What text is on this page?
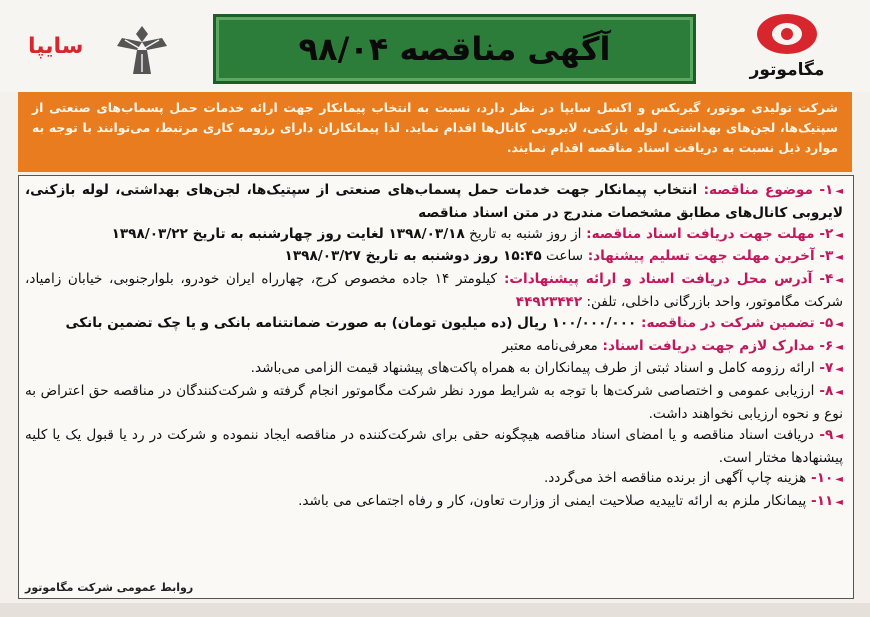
مگاموتور
آگهی مناقصه ۹۸/۰۴
سایپا

شرکت تولیدی موتور، گیربکس و اکسل سایپا در نظر دارد، نسبت به انتخاب پیمانکار جهت ارائه خدمات حمل پسماب‌های صنعتی از سپتیک‌ها، لجن‌های بهداشتی، لوله بازکنی، لایروبی کانال‌ها اقدام نماید. لذا پیمانکاران دارای رزومه کاری مرتبط، می‌توانند با توجه به موارد ذیل نسبت به دریافت اسناد مناقصه اقدام نمایند.

◄۱- موضوع مناقصه: انتخاب پیمانکار جهت خدمات حمل پسماب‌های صنعتی از سپتیک‌ها، لجن‌های بهداشتی، لوله بازکنی، لایروبی کانال‌های مطابق مشخصات مندرج در متن اسناد مناقصه
◄۲- مهلت جهت دریافت اسناد مناقصه: از روز شنبه به تاریخ ۱۳۹۸/۰۳/۱۸ لغایت روز چهارشنبه به تاریخ ۱۳۹۸/۰۳/۲۲
◄۳- آخرین مهلت جهت تسلیم پیشنهاد: ساعت ۱۵:۴۵ روز دوشنبه به تاریخ ۱۳۹۸/۰۳/۲۷
◄۴- آدرس محل دریافت اسناد و ارائه پیشنهادات: کیلومتر ۱۴ جاده مخصوص کرج، چهارراه ایران خودرو، بلوارجنوبی، خیابان زامیاد، شرکت مگاموتور، واحد بازرگانی داخلی، تلفن: ۴۴۹۲۳۴۴۲
◄۵- تضمین شرکت در مناقصه: ۱۰۰/۰۰۰/۰۰۰ ریال (ده میلیون تومان) به صورت ضمانتنامه بانکی و یا چک تضمین بانکی
◄۶- مدارک لازم جهت دریافت اسناد: معرفی‌نامه معتبر
◄۷- ارائه رزومه کامل و اسناد ثبتی از طرف پیمانکاران به همراه پاکت‌های پیشنهاد قیمت الزامی می‌باشد.
◄۸- ارزیابی عمومی و اختصاصی شرکت‌ها با توجه به شرایط مورد نظر شرکت مگاموتور انجام گرفته و شرکت‌کنندگان در مناقصه حق اعتراض به نوع و نحوه ارزیابی نخواهند داشت.
◄۹- دریافت اسناد مناقصه و یا امضای اسناد مناقصه هیچگونه حقی برای شرکت‌کننده در مناقصه ایجاد ننموده و شرکت در رد یا قبول یک یا کلیه پیشنهادها مختار است.
◄۱۰- هزینه چاپ آگهی از برنده مناقصه اخذ می‌گردد.
◄۱۱- پیمانکار ملزم به ارائه تاییدیه صلاحیت ایمنی از وزارت تعاون، کار و رفاه اجتماعی می باشد.
روابط عمومی شرکت مگاموتور
